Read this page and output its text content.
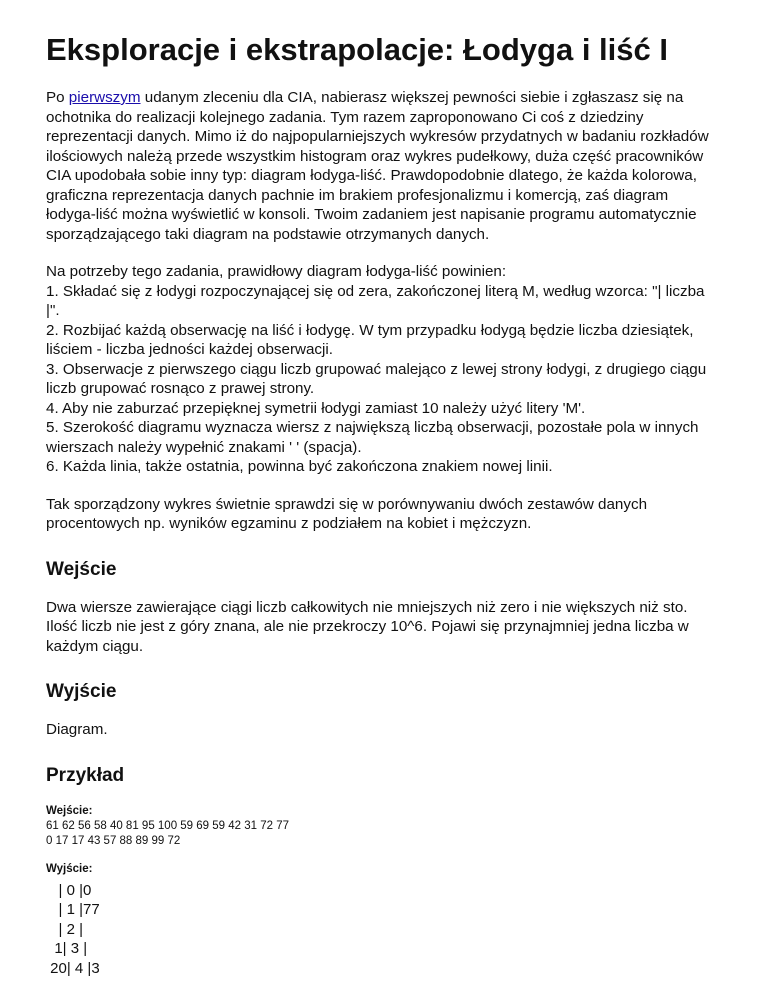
Eksploracje i ekstrapolacje: Łodyga i liść I

Po pierwszym udanym zleceniu dla CIA, nabierasz większej pewności siebie i zgłaszasz się na ochotnika do realizacji kolejnego zadania. Tym razem zaproponowano Ci coś z dziedziny reprezentacji danych. Mimo iż do najpopularniejszych wykresów przydatnych w badaniu rozkładów ilościowych należą przede wszystkim histogram oraz wykres pudełkowy, duża część pracowników CIA upodobała sobie inny typ: diagram łodyga-liść. Prawdopodobnie dlatego, że każda kolorowa, graficzna reprezentacja danych pachnie im brakiem profesjonalizmu i komercją, zaś diagram łodyga-liść można wyświetlić w konsoli. Twoim zadaniem jest napisanie programu automatycznie sporządzającego taki diagram na podstawie otrzymanych danych.

Na potrzeby tego zadania, prawidłowy diagram łodyga-liść powinien:
1. Składać się z łodygi rozpoczynającej się od zera, zakończonej literą M, według wzorca: "| liczba |".
2. Rozbijać każdą obserwację na liść i łodygę. W tym przypadku łodygą będzie liczba dziesiątek, liściem - liczba jedności każdej obserwacji.
3. Obserwacje z pierwszego ciągu liczb grupować malejąco z lewej strony łodygi, z drugiego ciągu liczb grupować rosnąco z prawej strony.
4. Aby nie zaburzać przepięknej symetrii łodygi zamiast 10 należy użyć litery 'M'.
5. Szerokość diagramu wyznacza wiersz z największą liczbą obserwacji, pozostałe pola w innych wierszach należy wypełnić znakami ' ' (spacja).
6. Każda linia, także ostatnia, powinna być zakończona znakiem nowej linii.

Tak sporządzony wykres świetnie sprawdzi się w porównywaniu dwóch zestawów danych procentowych np. wyników egzaminu z podziałem na kobiet i mężczyzn.

Wejście

Dwa wiersze zawierające ciągi liczb całkowitych nie mniejszych niż zero i nie większych niż sto. Ilość liczb nie jest z góry znana, ale nie przekroczy 10^6. Pojawi się przynajmniej jedna liczba w każdym ciągu.

Wyjście

Diagram.

Przykład

Wejście:
61 62 56 58 40 81 95 100 59 69 59 42 31 72 77
0 17 17 43 57 88 89 99 72

Wyjście:

| 0 |0
| 1 |77
| 2 |
1| 3 |
20| 4 |3
